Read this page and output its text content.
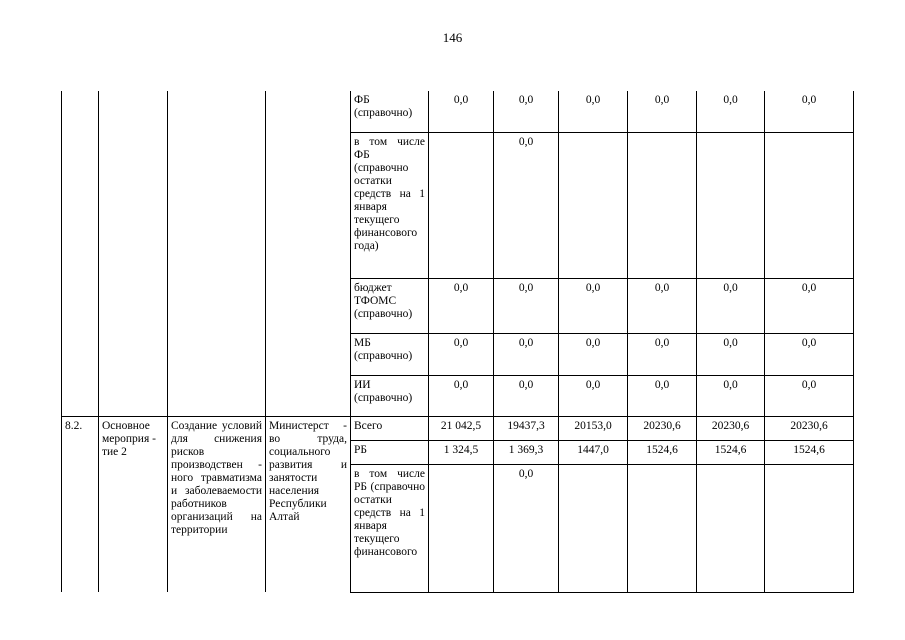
146
				ФБ (справочно)	0,0	0,0	0,0	0,0	0,0	0,0
				в том числе ФБ (справочно остатки средств на 1 января текущего финансового года)		0,0				
				бюджет ТФОМС (справочно)	0,0	0,0	0,0	0,0	0,0	0,0
				МБ (справочно)	0,0	0,0	0,0	0,0	0,0	0,0
				ИИ (справочно)	0,0	0,0	0,0	0,0	0,0	0,0
8.2.	Основное мероприя - тие 2	Создание условий для снижения рисков производствен - ного травматизма и заболеваемости работников организаций на территории	Министерст - во труда, социального развития и занятости населения Республики Алтай	Всего	21 042,5	19437,3	20153,0	20230,6	20230,6	20230,6
				РБ	1 324,5	1 369,3	1447,0	1524,6	1524,6	1524,6
				в том числе РБ (справочно остатки средств на 1 января текущего финансового		0,0				
